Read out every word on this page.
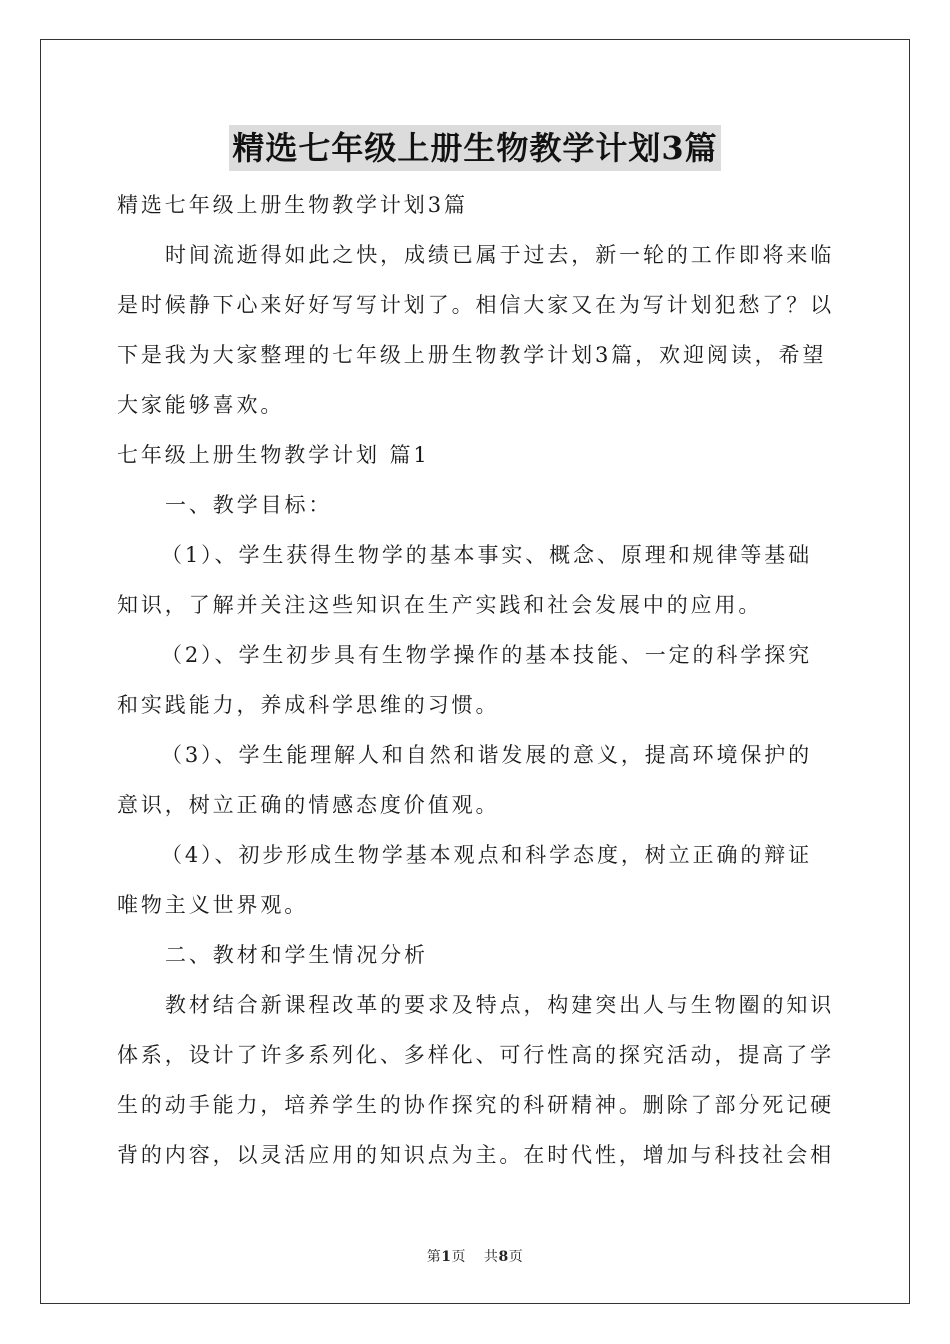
精选七年级上册生物教学计划3篇

精选七年级上册生物教学计划3篇

时间流逝得如此之快，成绩已属于过去，新一轮的工作即将来临

是时候静下心来好好写写计划了。相信大家又在为写计划犯愁了？以

下是我为大家整理的七年级上册生物教学计划3篇，欢迎阅读，希望

大家能够喜欢。

七年级上册生物教学计划 篇1

一、教学目标：

（1）、学生获得生物学的基本事实、概念、原理和规律等基础

知识，了解并关注这些知识在生产实践和社会发展中的应用。

（2）、学生初步具有生物学操作的基本技能、一定的科学探究

和实践能力，养成科学思维的习惯。

（3）、学生能理解人和自然和谐发展的意义，提高环境保护的

意识，树立正确的情感态度价值观。

（4）、初步形成生物学基本观点和科学态度，树立正确的辩证

唯物主义世界观。

二、教材和学生情况分析

教材结合新课程改革的要求及特点，构建突出人与生物圈的知识

体系，设计了许多系列化、多样化、可行性高的探究活动，提高了学

生的动手能力，培养学生的协作探究的科研精神。删除了部分死记硬

背的内容，以灵活应用的知识点为主。在时代性，增加与科技社会相

第1页 共8页
